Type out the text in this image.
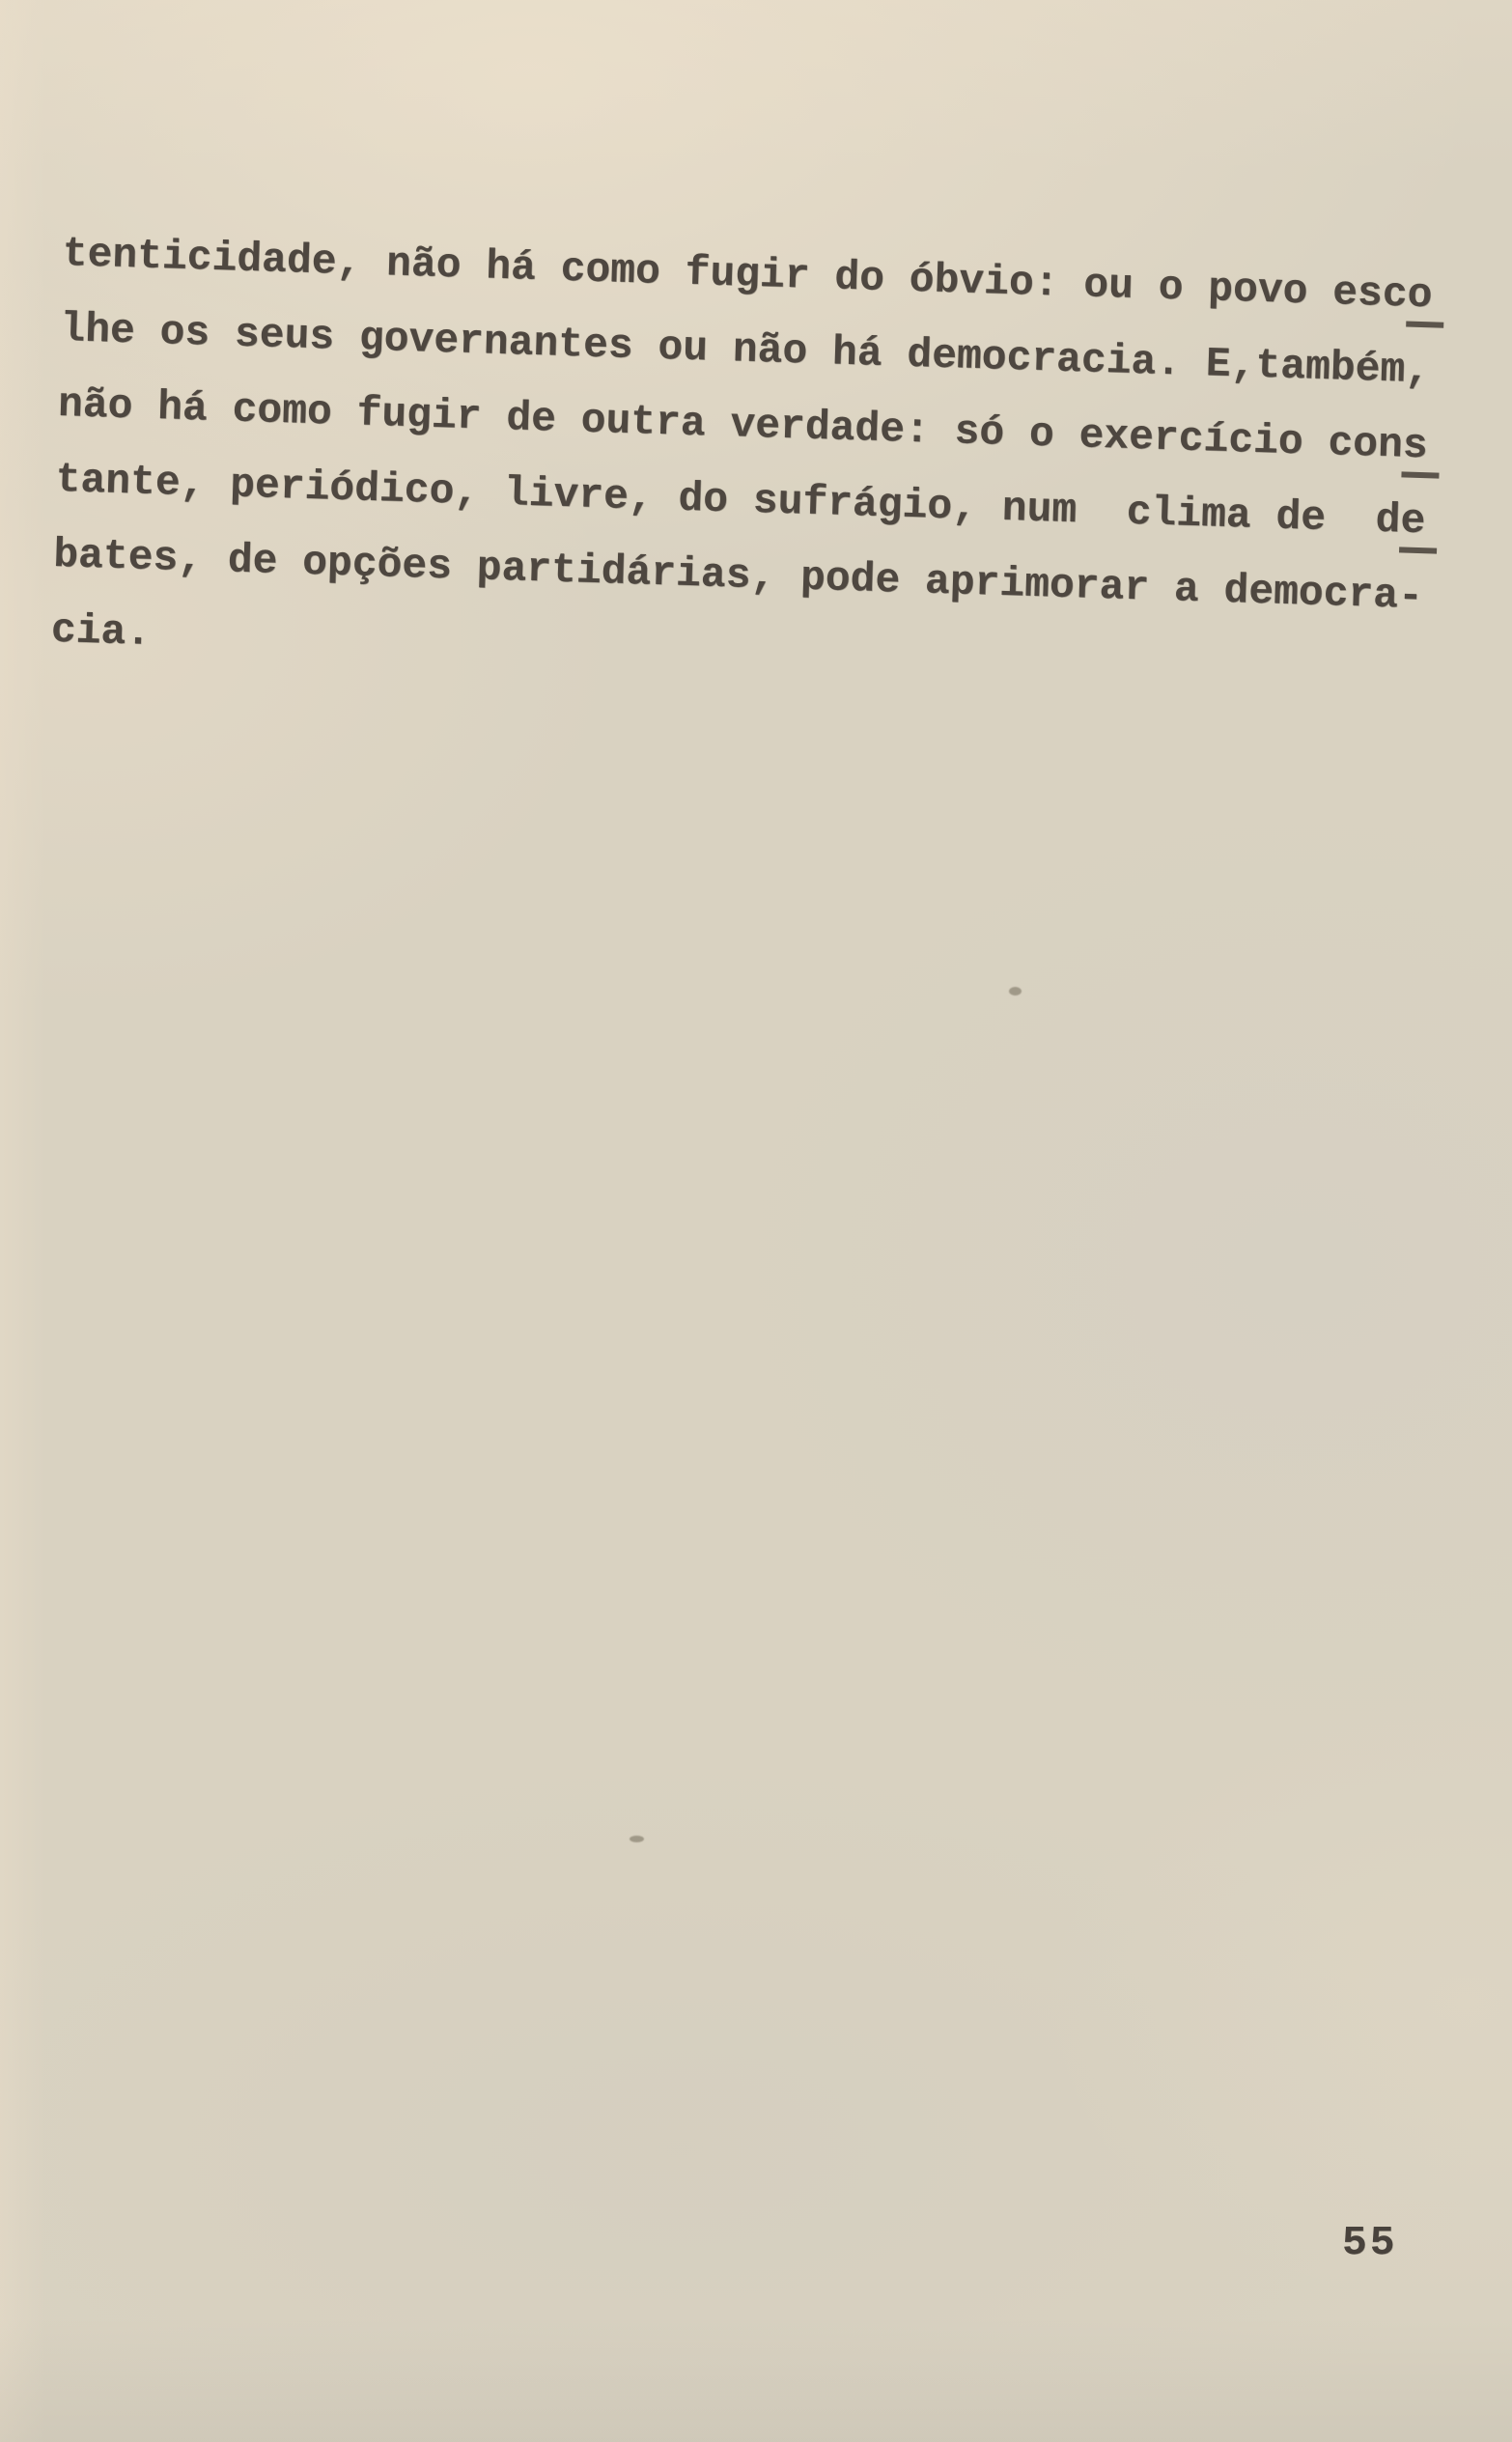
tenticidade, não há como fugir do óbvio: ou o povo esco
lhe os seus governantes ou não há democracia. E,também,
não há como fugir de outra verdade: só o exercício cons
tante, periódico, livre, do sufrágio, num  clima de  de
bates, de opções partidárias, pode aprimorar a democra-
cia.
55
